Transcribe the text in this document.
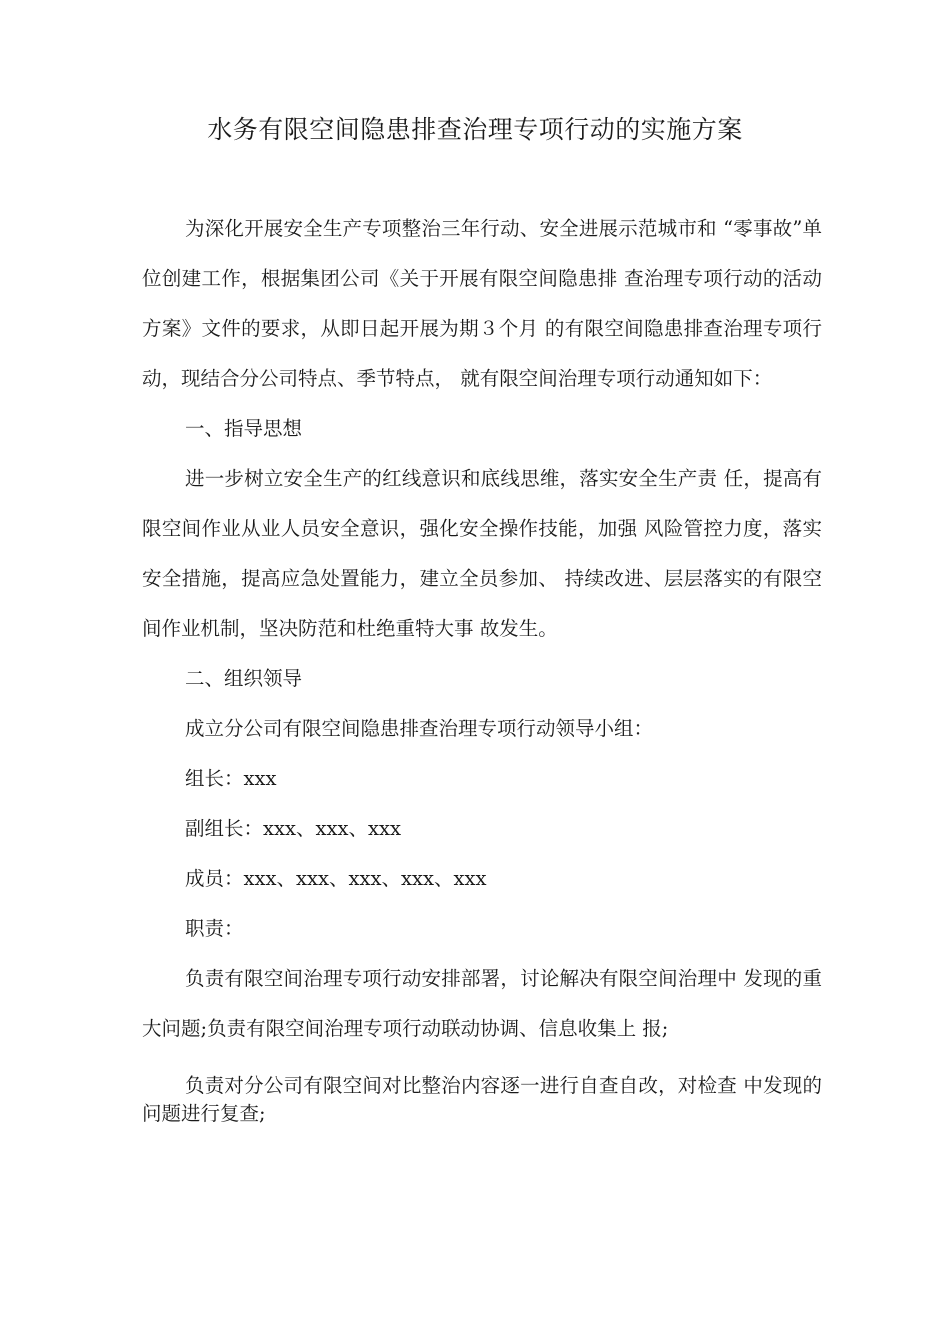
水务有限空间隐患排查治理专项行动的实施方案

为深化开展安全生产专项整治三年行动、安全进展示范城市和 “零事故”单位创建工作，根据集团公司《关于开展有限空间隐患排 查治理专项行动的活动方案》文件的要求，从即日起开展为期３个月 的有限空间隐患排查治理专项行动，现结合分公司特点、季节特点， 就有限空间治理专项行动通知如下：

一、指导思想

进一步树立安全生产的红线意识和底线思维，落实安全生产责 任，提高有限空间作业从业人员安全意识，强化安全操作技能，加强 风险管控力度，落实安全措施，提高应急处置能力，建立全员参加、 持续改进、层层落实的有限空间作业机制，坚决防范和杜绝重特大事 故发生。

二、组织领导

成立分公司有限空间隐患排查治理专项行动领导小组：

组长：xxx

副组长：xxx、xxx、xxx

成员：xxx、xxx、xxx、xxx、xxx

职责：

负责有限空间治理专项行动安排部署，讨论解决有限空间治理中 发现的重大问题;负责有限空间治理专项行动联动协调、信息收集上 报;

负责对分公司有限空间对比整治内容逐一进行自查自改，对检查 中发现的问题进行复查;
